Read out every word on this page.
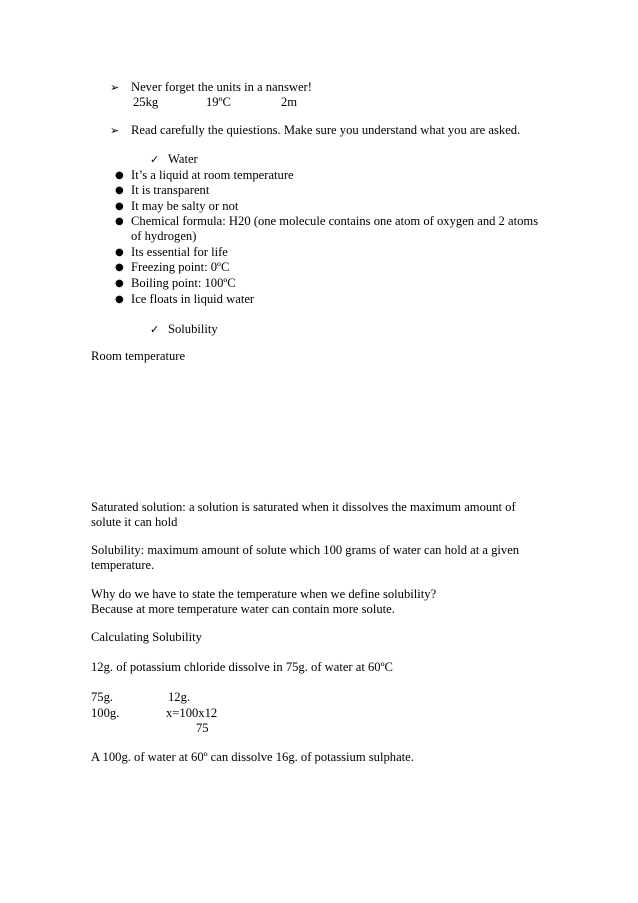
➢ Never forget the units in a nanswer!
25kg	19ºC	2m
➢ Read carefully the quiestions. Make sure you understand what you are asked.
✓ Water
● It’s a liquid at room temperature
● It is transparent
● It may be salty or not
● Chemical formula: H20 (one molecule contains one atom of oxygen and 2 atoms
of hydrogen)
● Its essential for life
● Freezing point: 0ºC
● Boiling point: 100ºC
● Ice floats in liquid water
✓ Solubility
Room temperature
Saturated solution: a solution is saturated when it dissolves the maximum amount of
solute it can hold
Solubility: maximum amount of solute which 100 grams of water can hold at a given
temperature.
Why do we have to state the temperature when we define solubility?
Because at more temperature water can contain more solute.
Calculating Solubility
12g. of potassium chloride dissolve in 75g. of water at 60ºC
75g.	12g.
100g.	x=100x12
75
A 100g. of water at 60º can dissolve 16g. of potassium sulphate.
